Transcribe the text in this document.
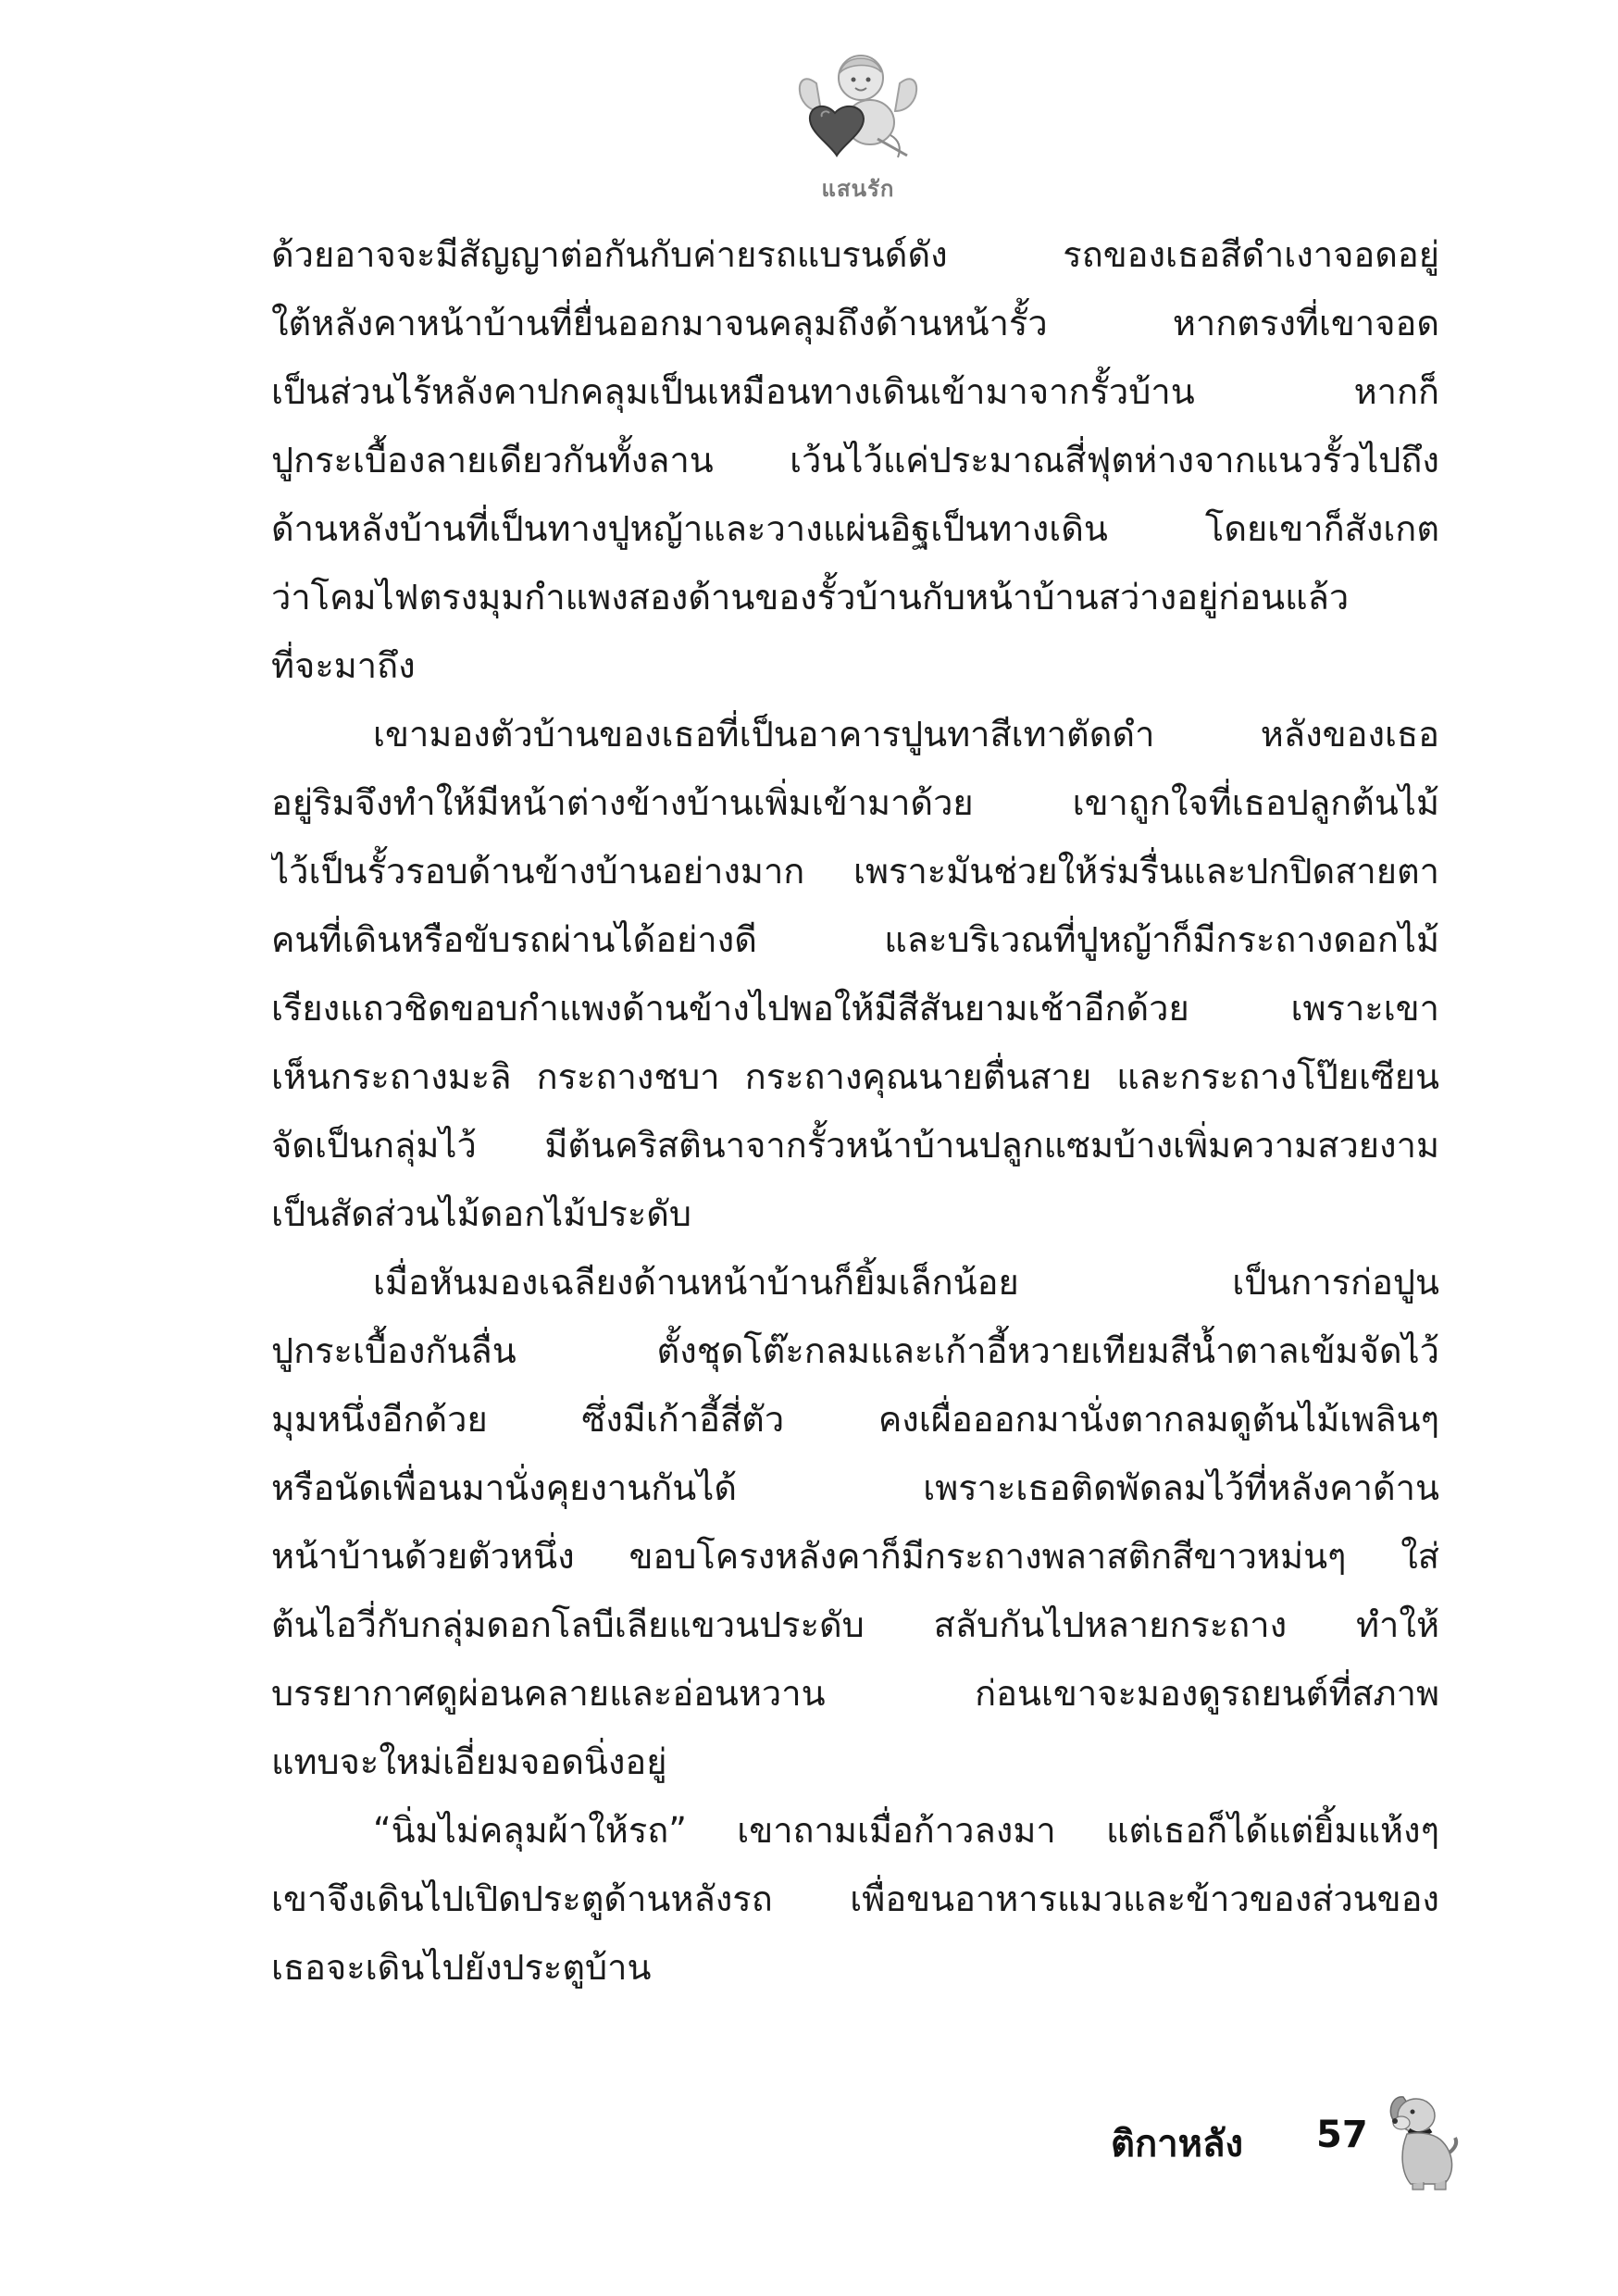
แสนรัก
ด้วยอาจจะมีสัญญาต่อกันกับค่ายรถแบรนด์ดัง รถของเธอสีดำเงาจอดอยู่
ใต้หลังคาหน้าบ้านที่ยื่นออกมาจนคลุมถึงด้านหน้ารั้ว หากตรงที่เขาจอด
เป็นส่วนไร้หลังคาปกคลุมเป็นเหมือนทางเดินเข้ามาจากรั้วบ้าน หากก็
ปูกระเบื้องลายเดียวกันทั้งลาน เว้นไว้แค่ประมาณสี่ฟุตห่างจากแนวรั้วไปถึง
ด้านหลังบ้านที่เป็นทางปูหญ้าและวางแผ่นอิฐเป็นทางเดิน โดยเขาก็สังเกต
ว่าโคมไฟตรงมุมกำแพงสองด้านของรั้วบ้านกับหน้าบ้านสว่างอยู่ก่อนแล้ว
ที่จะมาถึง
เขามองตัวบ้านของเธอที่เป็นอาคารปูนทาสีเทาตัดดำ หลังของเธอ
อยู่ริมจึงทำให้มีหน้าต่างข้างบ้านเพิ่มเข้ามาด้วย เขาถูกใจที่เธอปลูกต้นไม้
ไว้เป็นรั้วรอบด้านข้างบ้านอย่างมาก เพราะมันช่วยให้ร่มรื่นและปกปิดสายตา
คนที่เดินหรือขับรถผ่านได้อย่างดี และบริเวณที่ปูหญ้าก็มีกระถางดอกไม้
เรียงแถวชิดขอบกำแพงด้านข้างไปพอให้มีสีสันยามเช้าอีกด้วย เพราะเขา
เห็นกระถางมะลิ กระถางชบา กระถางคุณนายตื่นสาย และกระถางโป๊ยเซียน
จัดเป็นกลุ่มไว้ มีต้นคริสตินาจากรั้วหน้าบ้านปลูกแซมบ้างเพิ่มความสวยงาม
เป็นสัดส่วนไม้ดอกไม้ประดับ
เมื่อหันมองเฉลียงด้านหน้าบ้านก็ยิ้มเล็กน้อย เป็นการก่อปูน
ปูกระเบื้องกันลื่น ตั้งชุดโต๊ะกลมและเก้าอี้หวายเทียมสีน้ำตาลเข้มจัดไว้
มุมหนึ่งอีกด้วย ซึ่งมีเก้าอี้สี่ตัว คงเผื่อออกมานั่งตากลมดูต้นไม้เพลินๆ
หรือนัดเพื่อนมานั่งคุยงานกันได้ เพราะเธอติดพัดลมไว้ที่หลังคาด้าน
หน้าบ้านด้วยตัวหนึ่ง ขอบโครงหลังคาก็มีกระถางพลาสติกสีขาวหม่นๆ ใส่
ต้นไอวี่กับกลุ่มดอกโลบีเลียแขวนประดับ สลับกันไปหลายกระถาง ทำให้
บรรยากาศดูผ่อนคลายและอ่อนหวาน ก่อนเขาจะมองดูรถยนต์ที่สภาพ
แทบจะใหม่เอี่ยมจอดนิ่งอยู่
“นิ่มไม่คลุมผ้าให้รถ” เขาถามเมื่อก้าวลงมา แต่เธอก็ได้แต่ยิ้มแห้งๆ
เขาจึงเดินไปเปิดประตูด้านหลังรถ เพื่อขนอาหารแมวและข้าวของส่วนของ
เธอจะเดินไปยังประตูบ้าน
ติกาหลัง 57
